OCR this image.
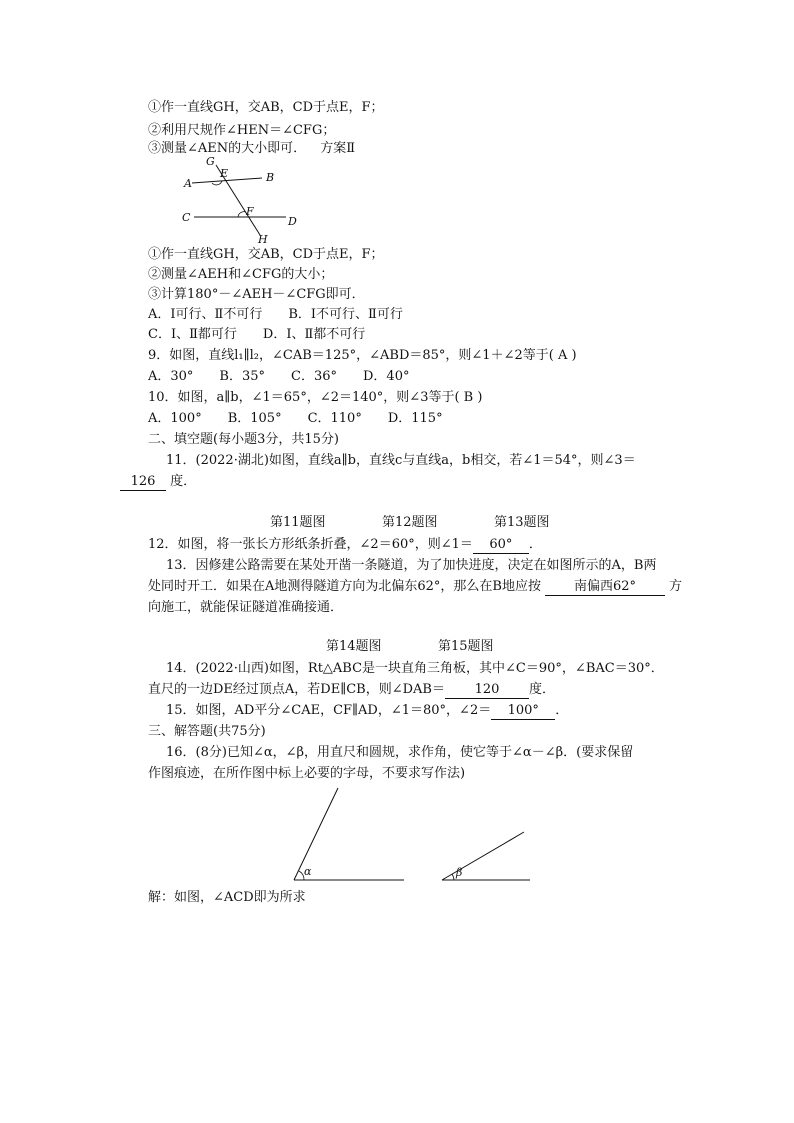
①作一直线GH，交AB，CD于点E，F；
②利用尺规作∠HEN＝∠CFG；
③测量∠AEN的大小即可． 方案Ⅱ
G
E
A	B
C	F
D
H
①作一直线GH，交AB，CD于点E，F；
②测量∠AEH和∠CFG的大小；
③计算180°－∠AEH－∠CFG即可．
A．Ⅰ可行、Ⅱ不可行　　B．Ⅰ不可行、Ⅱ可行
C．Ⅰ、Ⅱ都可行　　D．Ⅰ、Ⅱ都不可行
9．如图，直线l₁∥l₂，∠CAB＝125°，∠ABD＝85°，则∠1＋∠2等于( A )
A．30°　　B．35°　　C．36°　　D．40°
10．如图，a∥b，∠1＝65°，∠2＝140°，则∠3等于( B )
A．100°　　B．105°　　C．110°　　D．115°
二、填空题(每小题3分，共15分)
11．(2022·湖北)如图，直线a∥b，直线c与直线a，b相交，若∠1＝54°，则∠3＝
126 度．
第11题图	第12题图	第13题图
12．如图，将一张长方形纸条折叠，∠2＝60°，则∠1＝ 60° ．
13．因修建公路需要在某处开凿一条隧道，为了加快进度，决定在如图所示的A，B两
处同时开工．如果在A地测得隧道方向为北偏东62°，那么在B地应按	南偏西62°	方
向施工，就能保证隧道准确接通．
第14题图	第15题图
14．(2022·山西)如图，Rt△ABC是一块直角三角板，其中∠C＝90°，∠BAC＝30°．
直尺的一边DE经过顶点A，若DE∥CB，则∠DAB＝ 120 度．
15．如图，AD平分∠CAE，CF∥AD，∠1＝80°，∠2＝ 100° ．
三、解答题(共75分)
16．(8分)已知∠α，∠β，用直尺和圆规，求作角，使它等于∠α－∠β．(要求保留
作图痕迹，在所作图中标上必要的字母，不要求写作法)
α	β
解：如图，∠ACD即为所求
